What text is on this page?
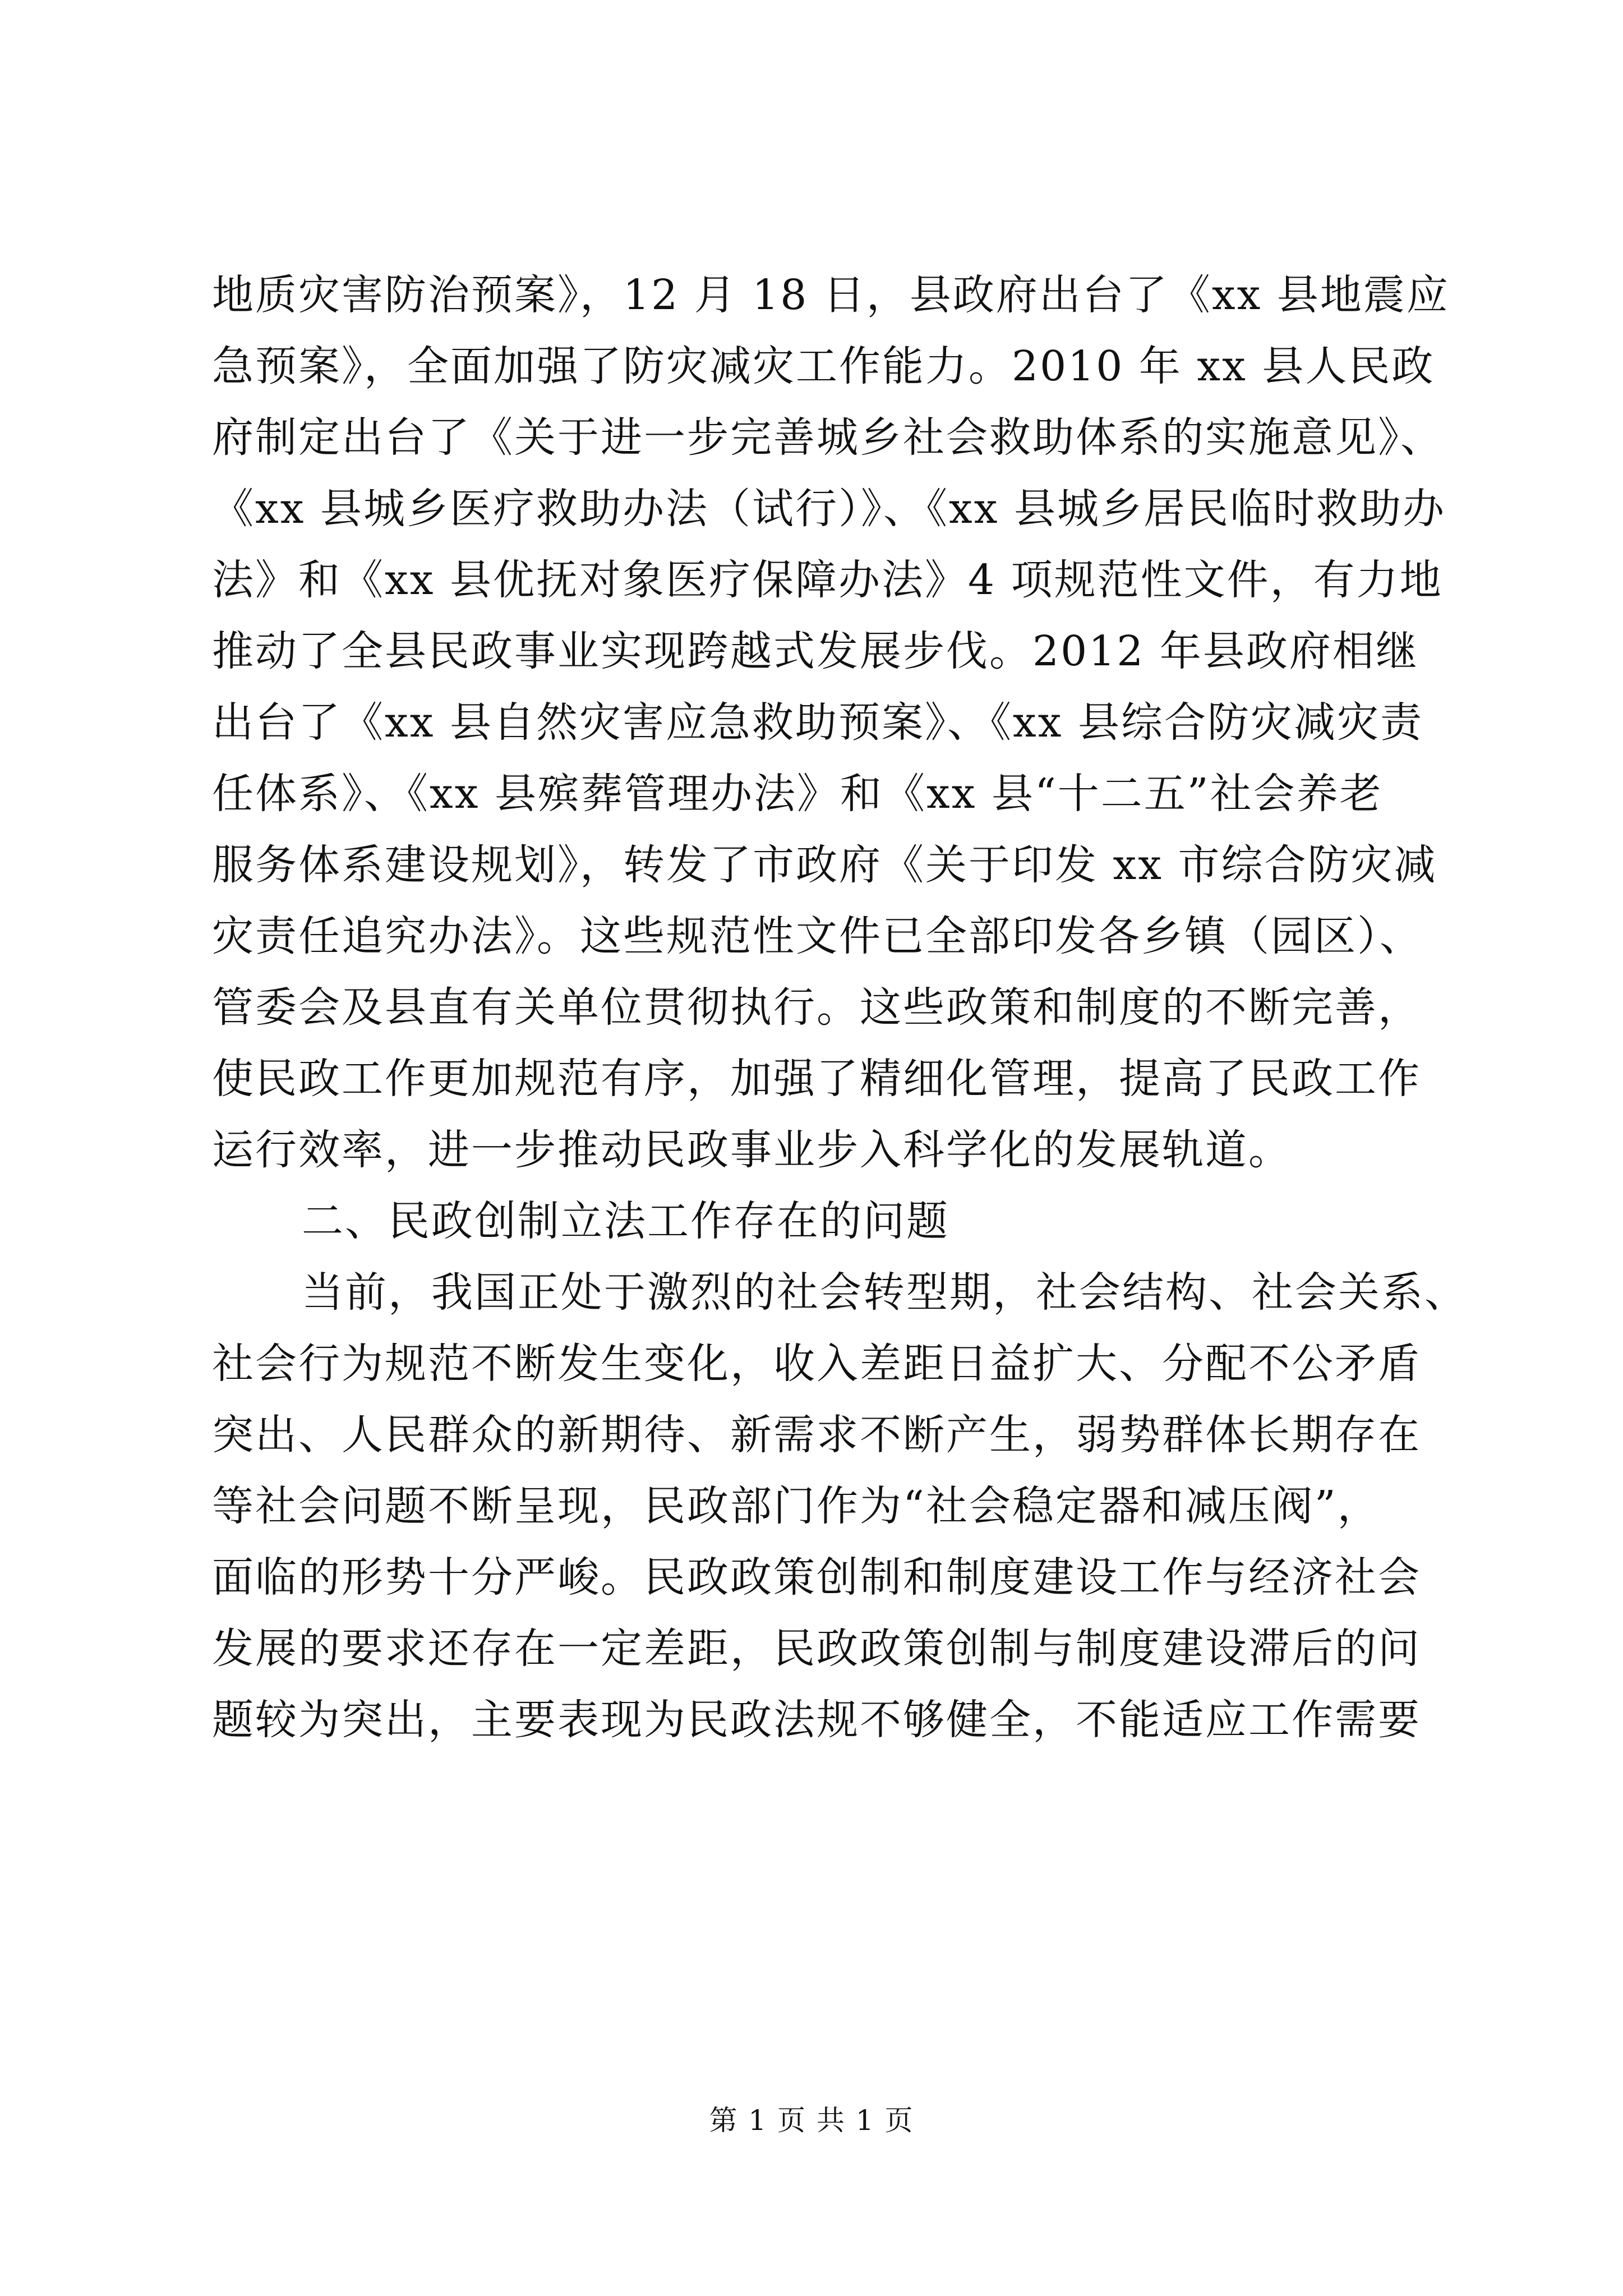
地质灾害防治预案》，12 月 18 日，县政府出台了《xx 县地震应
急预案》，全面加强了防灾减灾工作能力。2010 年 xx 县人民政
府制定出台了《关于进一步完善城乡社会救助体系的实施意见》、
《xx 县城乡医疗救助办法（试行）》、《xx 县城乡居民临时救助办
法》和《xx 县优抚对象医疗保障办法》4 项规范性文件，有力地
推动了全县民政事业实现跨越式发展步伐。2012 年县政府相继
出台了《xx 县自然灾害应急救助预案》、《xx 县综合防灾减灾责
任体系》、《xx 县殡葬管理办法》和《xx 县“十二五”社会养老
服务体系建设规划》，转发了市政府《关于印发 xx 市综合防灾减
灾责任追究办法》。这些规范性文件已全部印发各乡镇（园区）、
管委会及县直有关单位贯彻执行。这些政策和制度的不断完善，
使民政工作更加规范有序，加强了精细化管理，提高了民政工作
运行效率，进一步推动民政事业步入科学化的发展轨道。
二、民政创制立法工作存在的问题
当前，我国正处于激烈的社会转型期，社会结构、社会关系、
社会行为规范不断发生变化，收入差距日益扩大、分配不公矛盾
突出、人民群众的新期待、新需求不断产生，弱势群体长期存在
等社会问题不断呈现，民政部门作为“社会稳定器和减压阀”，
面临的形势十分严峻。民政政策创制和制度建设工作与经济社会
发展的要求还存在一定差距，民政政策创制与制度建设滞后的问
题较为突出，主要表现为民政法规不够健全，不能适应工作需要
第 1 页 共 1 页
